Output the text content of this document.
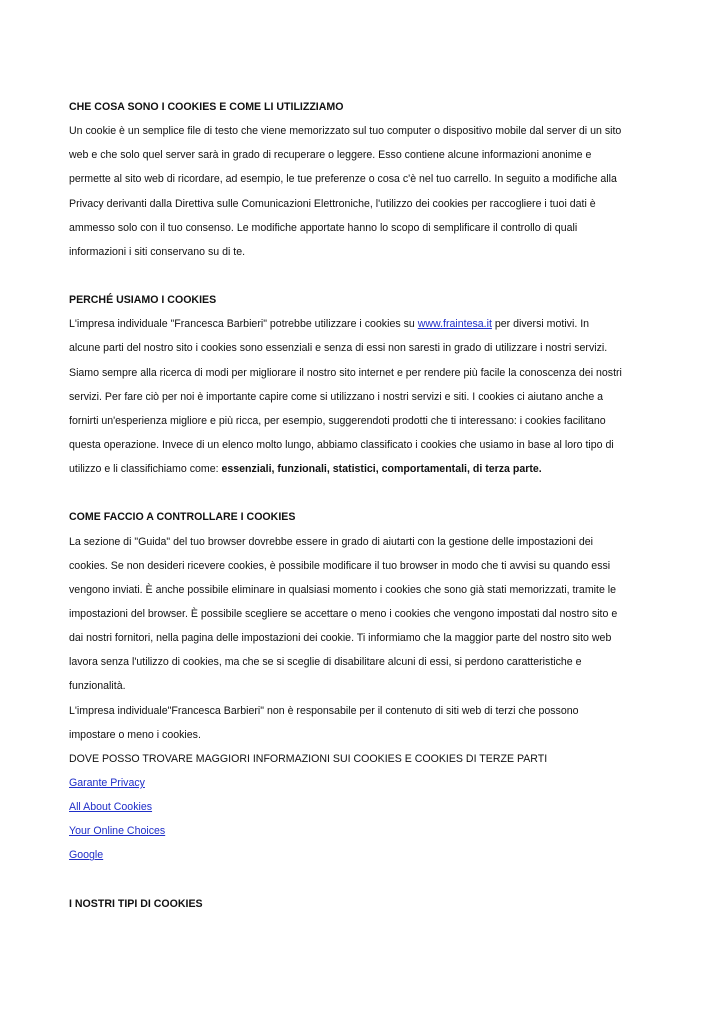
CHE COSA SONO I COOKIES E COME LI UTILIZZIAMO
Un cookie è un semplice file di testo che viene memorizzato sul tuo computer o dispositivo mobile dal server di un sito
web e che solo quel server sarà in grado di recuperare o leggere. Esso contiene alcune informazioni anonime e
permette al sito web di ricordare, ad esempio, le tue preferenze o cosa c'è nel tuo carrello. In seguito a modifiche alla
Privacy derivanti dalla Direttiva sulle Comunicazioni Elettroniche, l'utilizzo dei cookies per raccogliere i tuoi dati è
ammesso solo con il tuo consenso. Le modifiche apportate hanno lo scopo di semplificare il controllo di quali
informazioni i siti conservano su di te.
PERCHÉ USIAMO I COOKIES
L'impresa individuale "Francesca Barbieri" potrebbe utilizzare i cookies su www.fraintesa.it per diversi motivi. In
alcune parti del nostro sito i cookies sono essenziali e senza di essi non saresti in grado di utilizzare i nostri servizi.
Siamo sempre alla ricerca di modi per migliorare il nostro sito internet e per rendere più facile la conoscenza dei nostri
servizi. Per fare ciò per noi è importante capire come si utilizzano i nostri servizi e siti. I cookies ci aiutano anche a
fornirti un'esperienza migliore e più ricca, per esempio, suggerendoti prodotti che ti interessano: i cookies facilitano
questa operazione. Invece di un elenco molto lungo, abbiamo classificato i cookies che usiamo in base al loro tipo di
utilizzo e li classifichiamo come: essenziali, funzionali, statistici, comportamentali, di terza parte.
COME FACCIO A CONTROLLARE I COOKIES
La sezione di "Guida" del tuo browser dovrebbe essere in grado di aiutarti con la gestione delle impostazioni dei
cookies. Se non desideri ricevere cookies, è possibile modificare il tuo browser in modo che ti avvisi su quando essi
vengono inviati. È anche possibile eliminare in qualsiasi momento i cookies che sono già stati memorizzati, tramite le
impostazioni del browser. È possibile scegliere se accettare o meno i cookies che vengono impostati dal nostro sito e
dai nostri fornitori, nella pagina delle impostazioni dei cookie. Ti informiamo che la maggior parte del nostro sito web
lavora senza l'utilizzo di cookies, ma che se si sceglie di disabilitare alcuni di essi, si perdono caratteristiche e
funzionalità.
L'impresa individuale"Francesca Barbieri" non è responsabile per il contenuto di siti web di terzi che possono
impostare o meno i cookies.
DOVE POSSO TROVARE MAGGIORI INFORMAZIONI SUI COOKIES E COOKIES DI TERZE PARTI
Garante Privacy
All About Cookies
Your Online Choices
Google
I NOSTRI TIPI DI COOKIES
